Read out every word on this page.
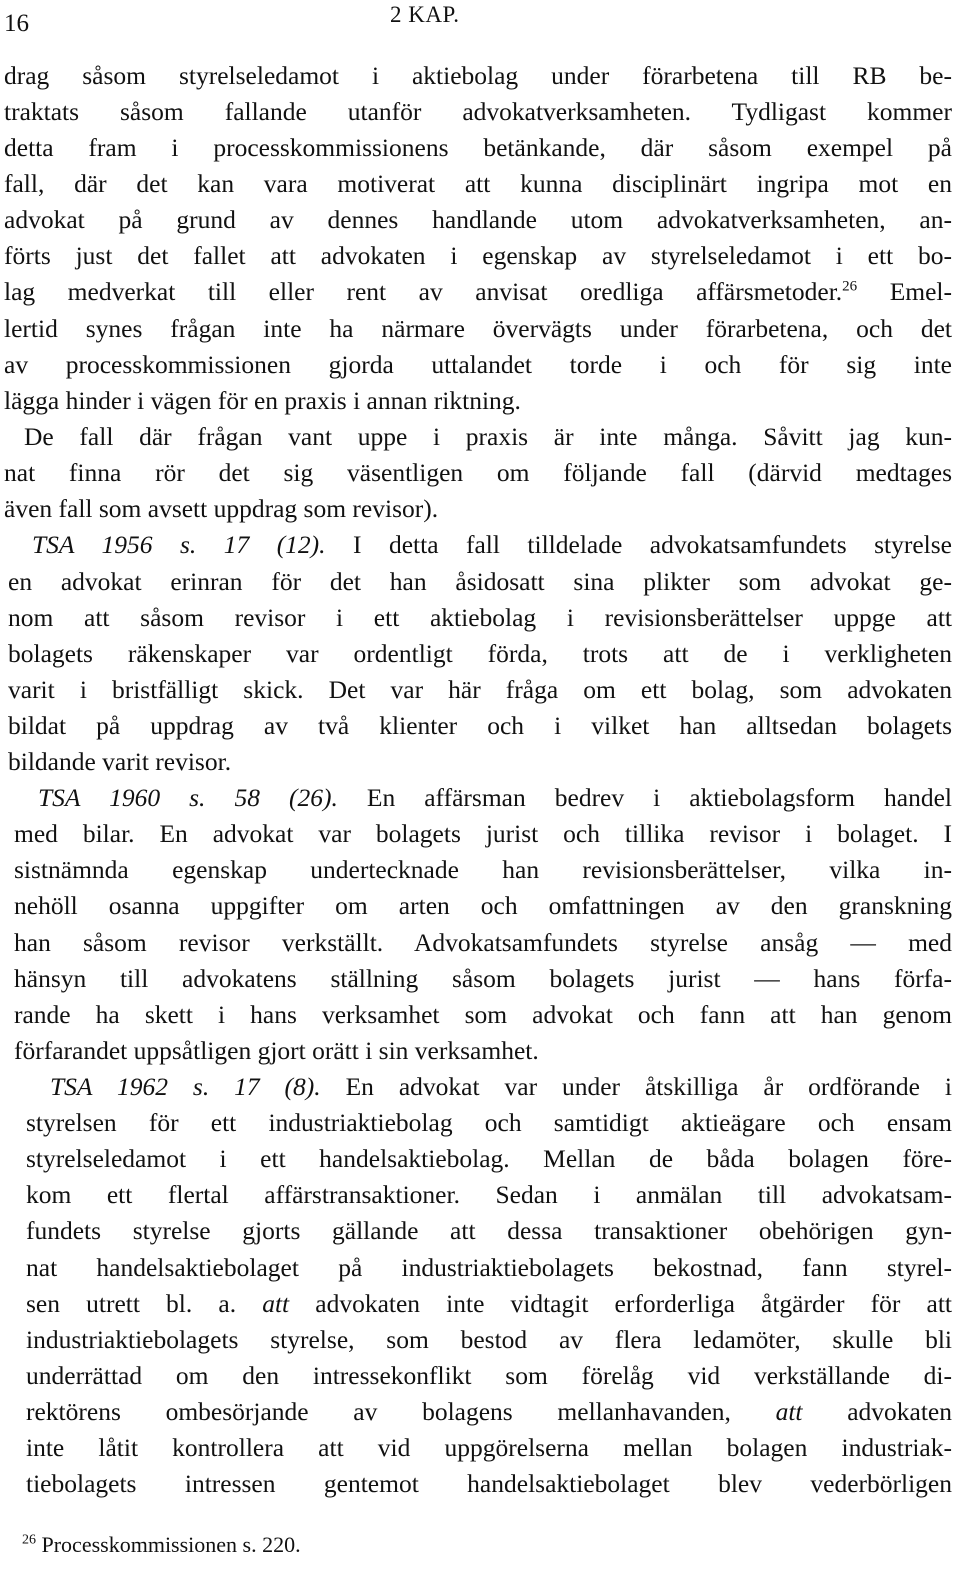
16	2 KAP.
drag såsom styrelseledamot i aktiebolag under förarbetena till RB be-
traktats såsom fallande utanför advokatverksamheten. Tydligast kommer
detta fram i processkommissionens betänkande, där såsom exempel på
fall, där det kan vara motiverat att kunna disciplinärt ingripa mot en
advokat på grund av dennes handlande utom advokatverksamheten, an-
förts just det fallet att advokaten i egenskap av styrelseledamot i ett bo-
lag medverkat till eller rent av anvisat oredliga affärsmetoder.$^{26}$ Emel-
lertid synes frågan inte ha närmare övervägts under förarbetena, och det
av processkommissionen gjorda uttalandet torde i och för sig inte
lägga hinder i vägen för en praxis i annan riktning.
De fall där frågan vant uppe i praxis är inte många. Såvitt jag kun-
nat finna rör det sig väsentligen om följande fall (därvid medtages
även fall som avsett uppdrag som revisor).
TSA 1956 s. 17 (12). I detta fall tilldelade advokatsamfundets styrelse
en advokat erinran för det han åsidosatt sina plikter som advokat ge-
nom att såsom revisor i ett aktiebolag i revisionsberättelser uppge att
bolagets räkenskaper var ordentligt förda, trots att de i verkligheten
varit i bristfälligt skick. Det var här fråga om ett bolag, som advokaten
bildat på uppdrag av två klienter och i vilket han alltsedan bolagets
bildande varit revisor.
TSA 1960 s. 58 (26). En affärsman bedrev i aktiebolagsform handel
med bilar. En advokat var bolagets jurist och tillika revisor i bolaget. I
sistnämnda egenskap undertecknade han revisionsberättelser, vilka in-
nehöll osanna uppgifter om arten och omfattningen av den granskning
han såsom revisor verkställt. Advokatsamfundets styrelse ansåg — med
hänsyn till advokatens ställning såsom bolagets jurist — hans förfa-
rande ha skett i hans verksamhet som advokat och fann att han genom
förfarandet uppsåtligen gjort orätt i sin verksamhet.
TSA 1962 s. 17 (8). En advokat var under åtskilliga år ordförande i
styrelsen för ett industriaktiebolag och samtidigt aktieägare och ensam
styrelseledamot i ett handelsaktiebolag. Mellan de båda bolagen före-
kom ett flertal affärstransaktioner. Sedan i anmälan till advokatsam-
fundets styrelse gjorts gällande att dessa transaktioner obehörigen gyn-
nat handelsaktiebolaget på industriaktiebolagets bekostnad, fann styrel-
sen utrett bl. a. att advokaten inte vidtagit erforderliga åtgärder för att
industriaktiebolagets styrelse, som bestod av flera ledamöter, skulle bli
underrättad om den intressekonflikt som förelåg vid verkställande di-
rektörens ombesörjande av bolagens mellanhavanden, att advokaten
inte låtit kontrollera att vid uppgörelserna mellan bolagen industriak-
tiebolagets intressen gentemot handelsaktiebolaget blev vederbörligen
$^{26}$ Processkommissionen s. 220.
